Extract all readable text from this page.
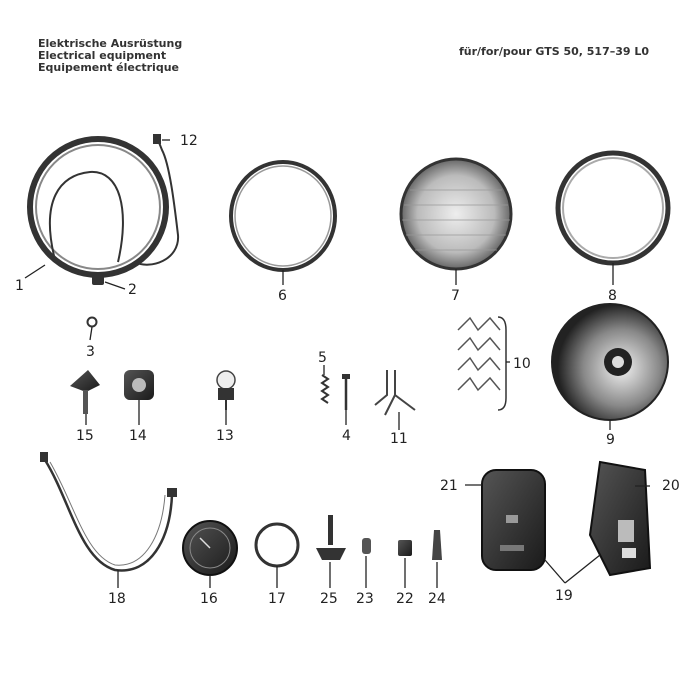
Elektrische Ausrüstung
Electrical equipment
Equipement électrique
für/for/pour GTS 50, 517–39 L0
12
1	2	6	7	8
3	5	10
15	14	13	4	11	9
21	20
18	16	17 25 23 22 24	19
